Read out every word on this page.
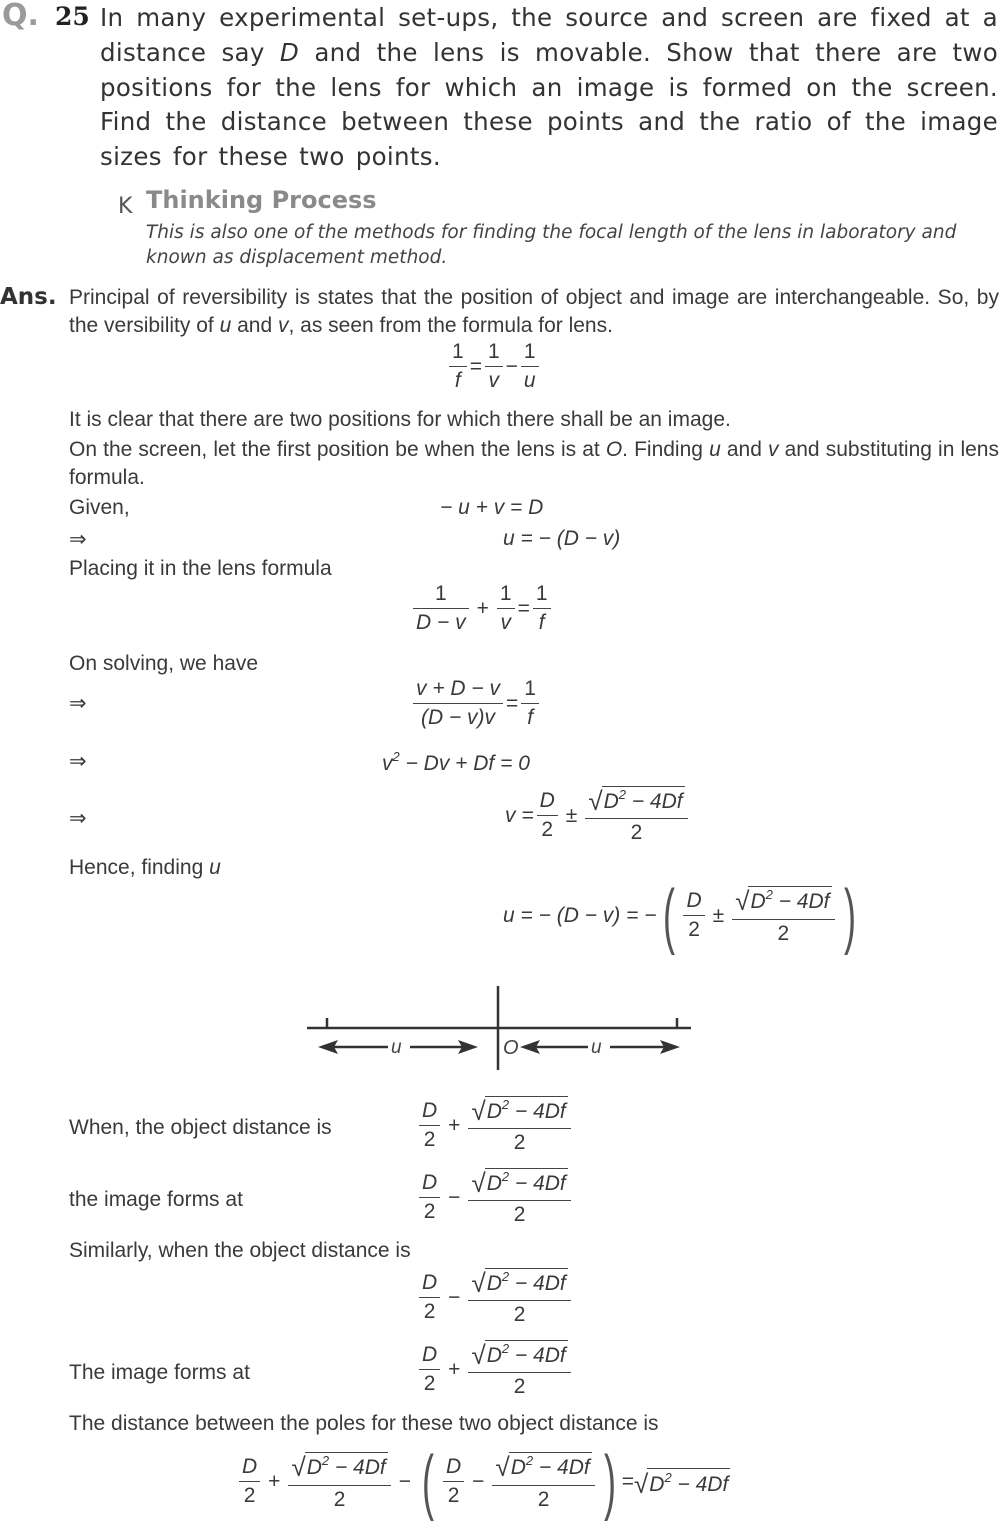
Q. 25 In many experimental set-ups, the source and screen are fixed at a distance say D and the lens is movable. Show that there are two positions for the lens for which an image is formed on the screen. Find the distance between these points and the ratio of the image sizes for these two points.
K Thinking Process
This is also one of the methods for finding the focal length of the lens in laboratory and known as displacement method.
Ans. Principal of reversibility is states that the position of object and image are interchangeable. So, by the versibility of u and v, as seen from the formula for lens.
$\frac{1}{f} = \frac{1}{v} - \frac{1}{u}$
It is clear that there are two positions for which there shall be an image.
On the screen, let the first position be when the lens is at O. Finding u and v and substituting in lens formula.
Given,	− u + v = D
⇒	u = − (D − v)
Placing it in the lens formula
$\frac{1}{D - v} + \frac{1}{v} = \frac{1}{f}$
On solving, we have
⇒	$\frac{v + D - v}{(D - v)v} = \frac{1}{f}$
⇒	$v^2 - Dv + Df = 0$
⇒	$v = \frac{D}{2} \pm \frac{√ D^2 - 4Df}{2}$
Hence, finding u
u = − (D − v) = − ( $\frac{D}{2} \pm \frac{√ D^2 - 4Df}{2}$ )
u	u
O
When, the object distance is	$\frac{D}{2} + \frac{√ D^2 - 4Df}{2}$
the image forms at	$\frac{D}{2} - \frac{√ D^2 - 4Df}{2}$
Similarly, when the object distance is
$\frac{D}{2} - \frac{√ D^2 - 4Df}{2}$
The image forms at	$\frac{D}{2} + \frac{√ D^2 - 4Df}{2}$
The distance between the poles for these two object distance is
$\frac{D}{2} + \frac{√ D^2 - 4Df}{2}$ − ( $\frac{D}{2} - \frac{√ D^2 - 4Df}{2}$ ) = √ $D^2 - 4Df$
